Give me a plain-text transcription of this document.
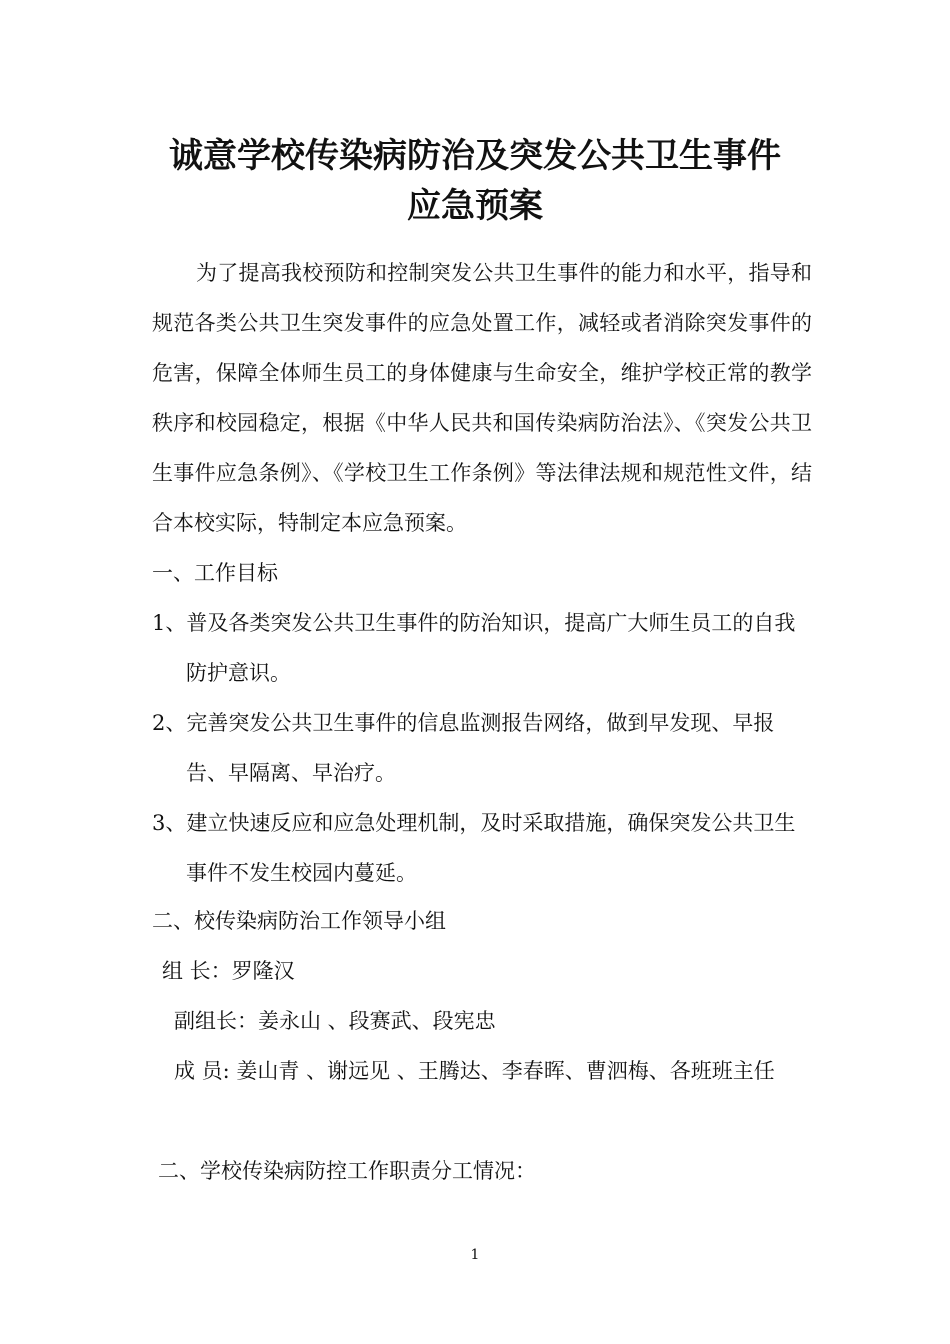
诚意学校传染病防治及突发公共卫生事件
应急预案

为了提高我校预防和控制突发公共卫生事件的能力和水平，指导和规范各类公共卫生突发事件的应急处置工作，减轻或者消除突发事件的危害，保障全体师生员工的身体健康与生命安全，维护学校正常的教学秩序和校园稳定，根据《中华人民共和国传染病防治法》、《突发公共卫生事件应急条例》、《学校卫生工作条例》等法律法规和规范性文件，结合本校实际，特制定本应急预案。

一、工作目标

1、普及各类突发公共卫生事件的防治知识，提高广大师生员工的自我防护意识。

2、完善突发公共卫生事件的信息监测报告网络，做到早发现、早报告、早隔离、早治疗。

3、建立快速反应和应急处理机制，及时采取措施，确保突发公共卫生事件不发生校园内蔓延。

二、校传染病防治工作领导小组

组 长：罗隆汉

副组长：姜永山 、段赛武、段宪忠

成 员: 姜山青 、谢远见 、王腾达、李春晖、曹泗梅、各班班主任

二、学校传染病防控工作职责分工情况：

1
